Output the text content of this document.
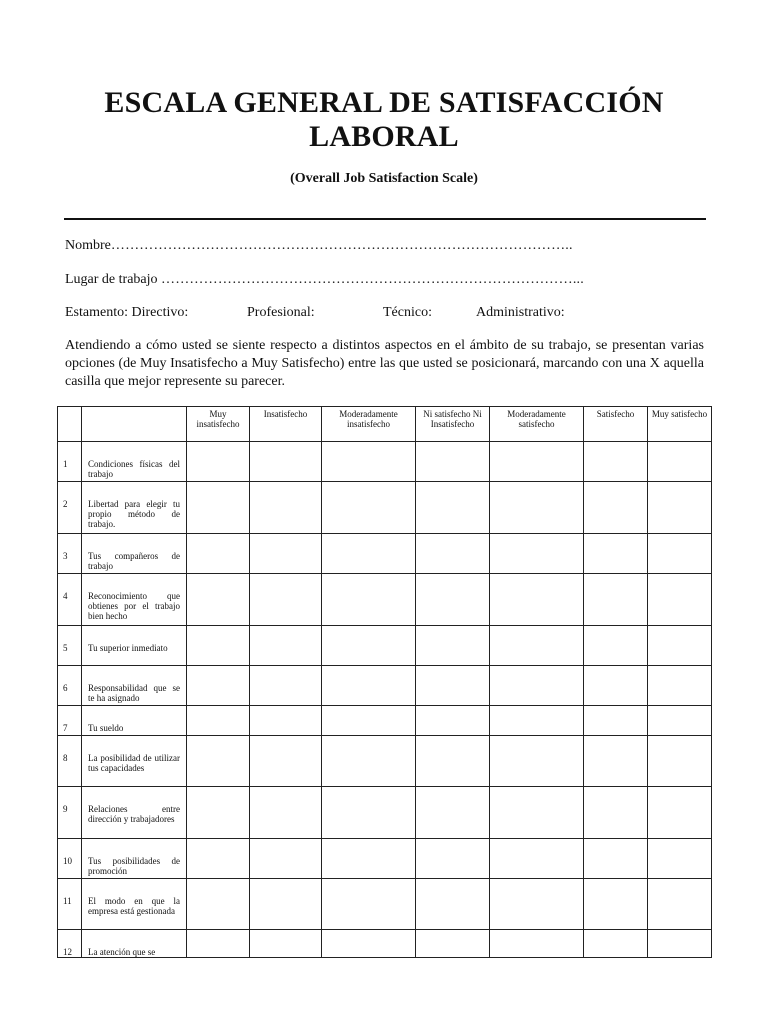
ESCALA GENERAL DE SATISFACCIÓN
LABORAL
(Overall Job Satisfaction Scale)
Nombre……………………………………………………………………………………..
Lugar de trabajo ……………………………………………………………………………...
Estamento: Directivo:	Profesional:	Técnico:	Administrativo:
Atendiendo a cómo usted se siente respecto a distintos aspectos en el ámbito de su trabajo, se presentan varias opciones (de Muy Insatisfecho a Muy Satisfecho) entre las que usted se posicionará, marcando con una X aquella casilla que mejor represente su parecer.
		Muy insatisfecho	Insatisfecho	Moderadamente insatisfecho	Ni satisfecho Ni Insatisfecho	Moderadamente satisfecho	Satisfecho	Muy satisfecho
1	Condiciones físicas del trabajo							
2	Libertad para elegir tu propio método de trabajo.							
3	Tus compañeros de trabajo							
4	Reconocimiento que obtienes por el trabajo bien hecho							
5	Tu superior inmediato							
6	Responsabilidad que se te ha asignado							
7	Tu sueldo							
8	La posibilidad de utilizar tus capacidades							
9	Relaciones entre dirección y trabajadores							
10	Tus posibilidades de promoción							
11	El modo en que la empresa está gestionada							
12	La atención que se							
